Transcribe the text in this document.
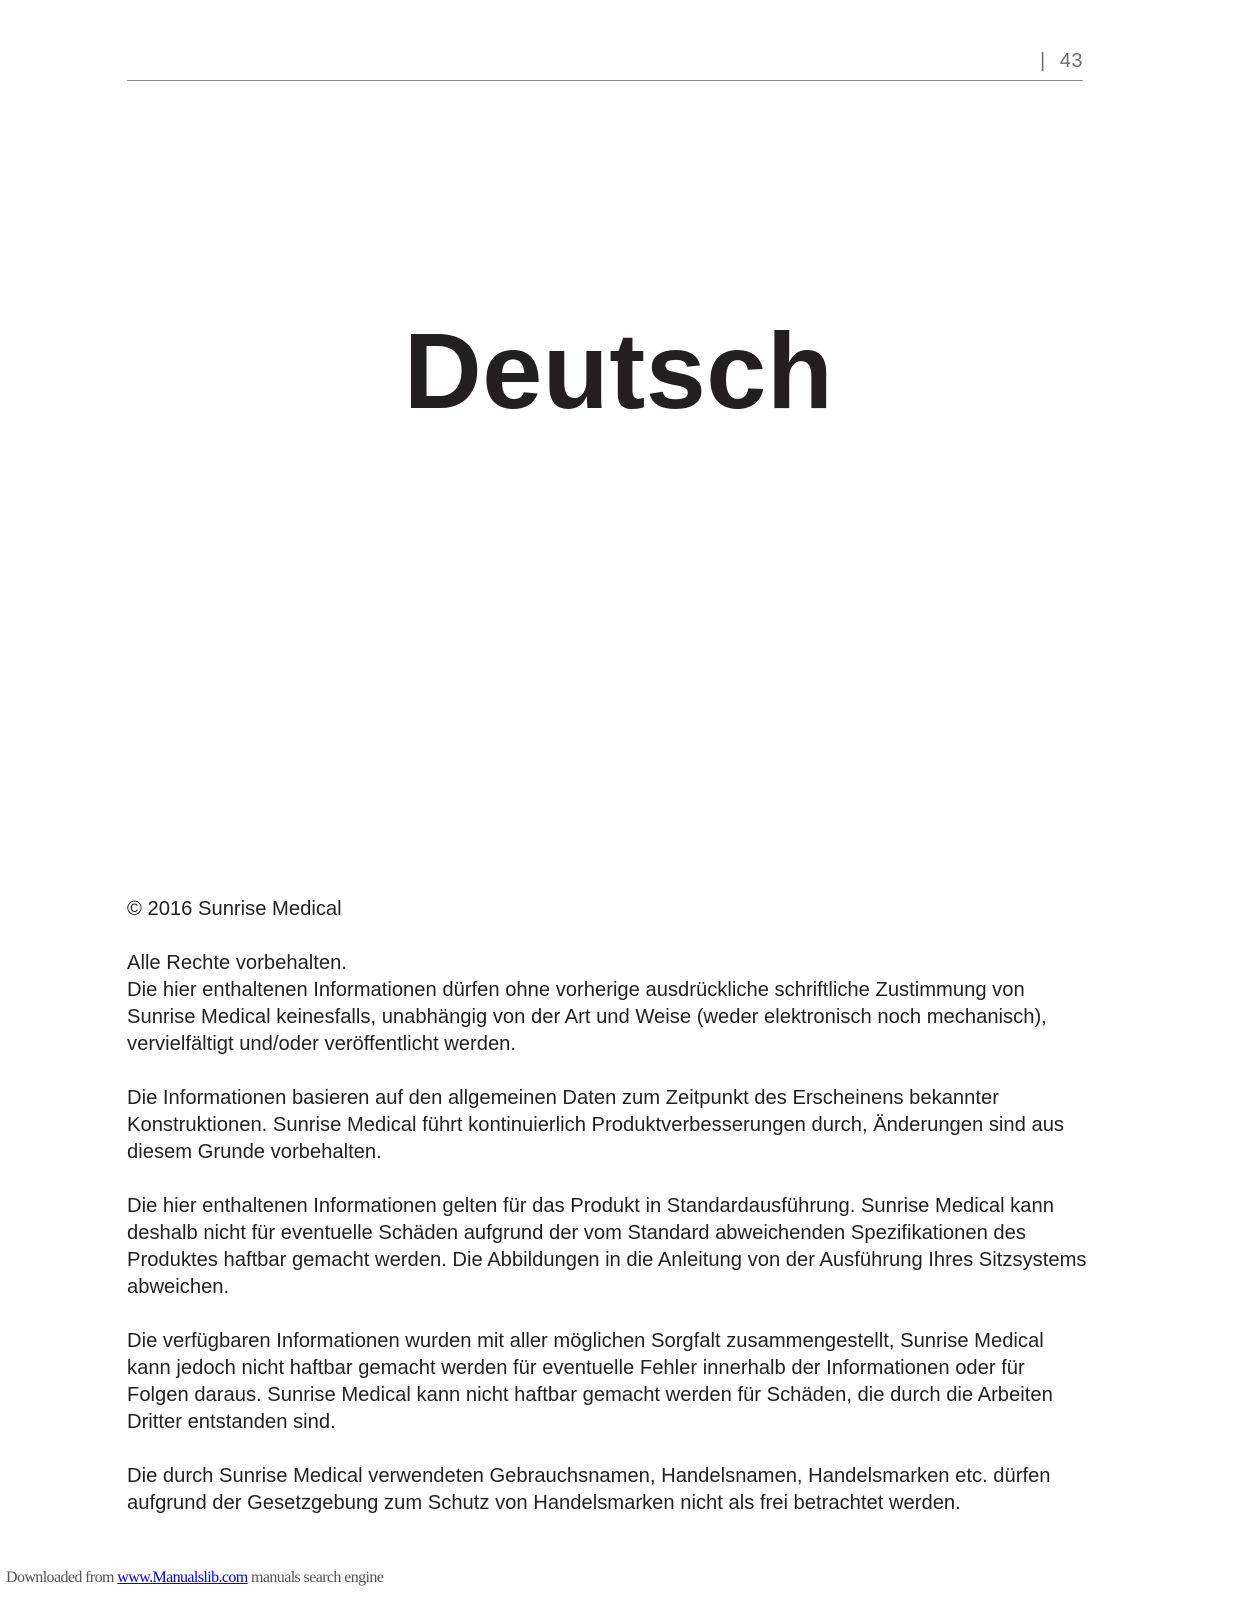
| 43
Deutsch

© 2016 Sunrise Medical

Alle Rechte vorbehalten.
Die hier enthaltenen Informationen dürfen ohne vorherige ausdrückliche schriftliche Zustimmung von Sunrise Medical keinesfalls, unabhängig von der Art und Weise (weder elektronisch noch mechanisch), vervielfältigt und/oder veröffentlicht werden.

Die Informationen basieren auf den allgemeinen Daten zum Zeitpunkt des Erscheinens bekannter Konstruktionen. Sunrise Medical führt kontinuierlich Produktverbesserungen durch, Änderungen sind aus diesem Grunde vorbehalten.

Die hier enthaltenen Informationen gelten für das Produkt in Standardausführung. Sunrise Medical kann deshalb nicht für eventuelle Schäden aufgrund der vom Standard abweichenden Spezifikationen des Produktes haftbar gemacht werden. Die Abbildungen in die Anleitung von der Ausführung Ihres Sitzsystems abweichen.

Die verfügbaren Informationen wurden mit aller möglichen Sorgfalt zusammengestellt, Sunrise Medical kann jedoch nicht haftbar gemacht werden für eventuelle Fehler innerhalb der Informationen oder für Folgen daraus. Sunrise Medical kann nicht haftbar gemacht werden für Schäden, die durch die Arbeiten Dritter entstanden sind.

Die durch Sunrise Medical verwendeten Gebrauchsnamen, Handelsnamen, Handelsmarken etc. dürfen aufgrund der Gesetzgebung zum Schutz von Handelsmarken nicht als frei betrachtet werden.

Downloaded from www.Manualslib.com manuals search engine
